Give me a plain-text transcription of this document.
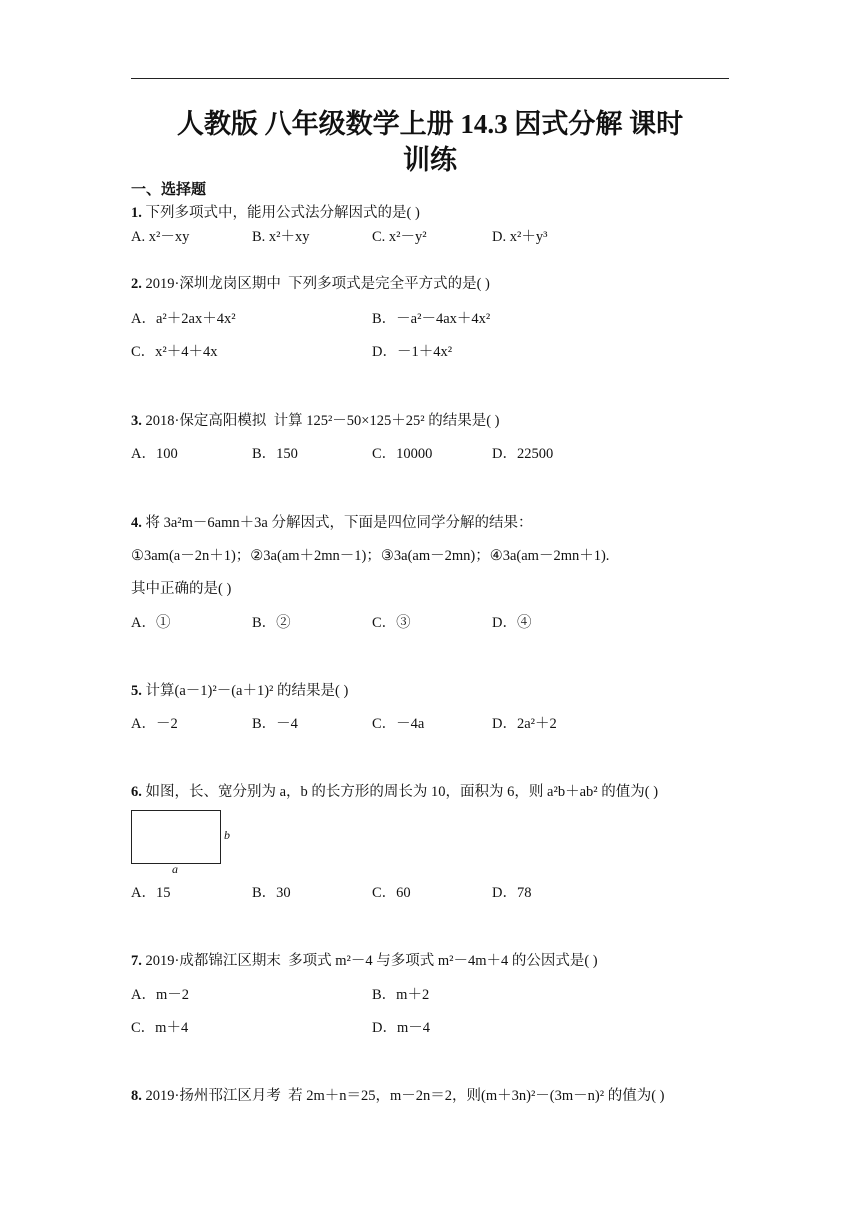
人教版 八年级数学上册 14.3 因式分解 课时
训练
一、选择题
1. 下列多项式中，能用公式法分解因式的是( )
A. x²－xy	B. x²＋xy	C. x²－y²	D. x²＋y³
2. 2019·深圳龙岗区期中 下列多项式是完全平方式的是( )
A．a²＋2ax＋4x²	B．－a²－4ax＋4x²
C．x²＋4＋4x	D．－1＋4x²
3. 2018·保定高阳模拟 计算 125²－50×125＋25² 的结果是( )
A．100	B．150	C．10000	D．22500
4. 将 3a²m－6amn＋3a 分解因式，下面是四位同学分解的结果：
①3am(a－2n＋1)；②3a(am＋2mn－1)；③3a(am－2mn)；④3a(am－2mn＋1).
其中正确的是( )
A．①	B．②	C．③	D．④
5. 计算(a－1)²－(a＋1)² 的结果是( )
A．－2	B．－4	C．－4a	D．2a²＋2
6. 如图，长、宽分别为 a，b 的长方形的周长为 10，面积为 6，则 a²b＋ab² 的值为( )
b
a
A．15	B．30	C．60	D．78
7. 2019·成都锦江区期末 多项式 m²－4 与多项式 m²－4m＋4 的公因式是( )
A．m－2	B．m＋2
C．m＋4	D．m－4
8. 2019·扬州邗江区月考 若 2m＋n＝25，m－2n＝2，则(m＋3n)²－(3m－n)² 的值为( )
